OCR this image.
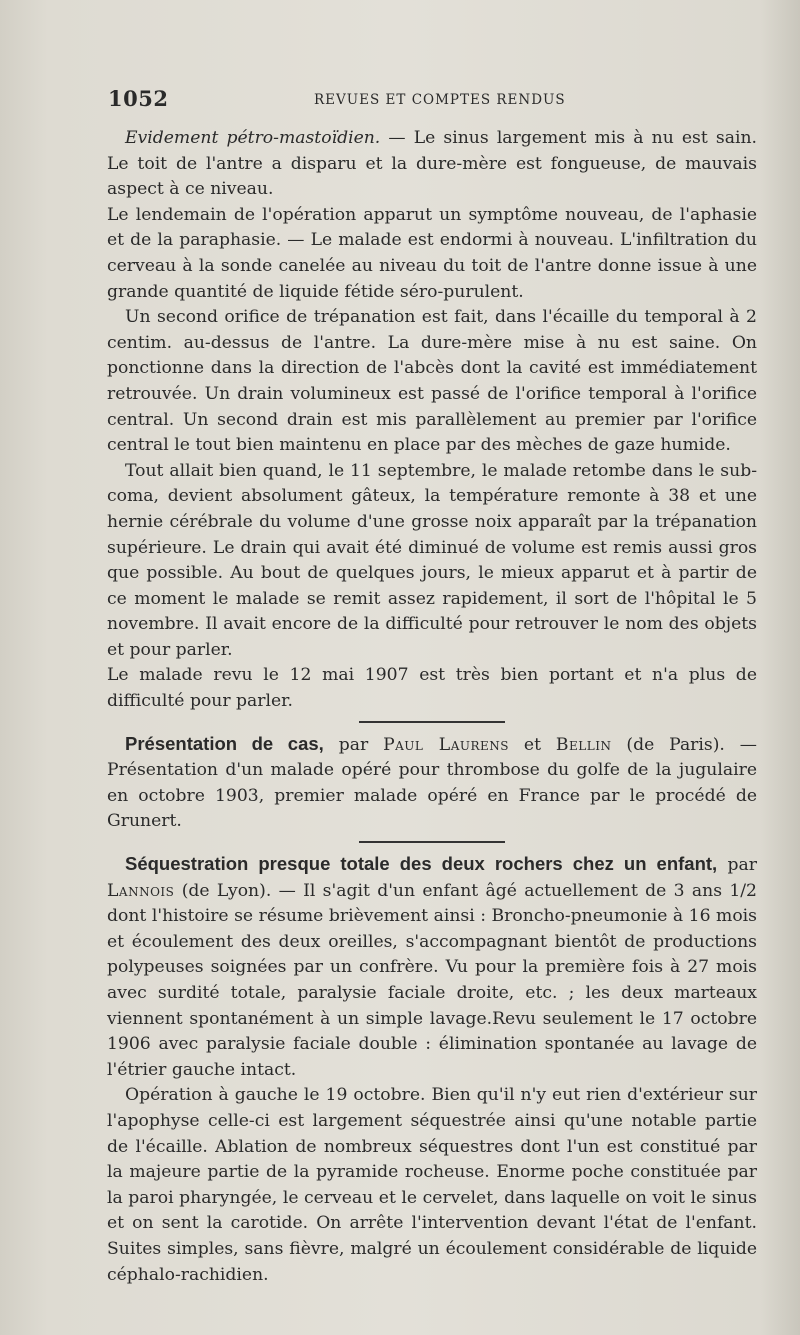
1052	REVUES ET COMPTES RENDUS

Evidement pétro-mastoïdien. — Le sinus largement mis à nu est sain. Le toit de l'antre a disparu et la dure-mère est fongueuse, de mauvais aspect à ce niveau.

Le lendemain de l'opération apparut un symptôme nouveau, de l'aphasie et de la paraphasie. — Le malade est endormi à nouveau. L'infiltration du cerveau à la sonde canelée au niveau du toit de l'antre donne issue à une grande quantité de liquide fétide séro-purulent.

Un second orifice de trépanation est fait, dans l'écaille du temporal à 2 centim. au-dessus de l'antre. La dure-mère mise à nu est saine. On ponctionne dans la direction de l'abcès dont la cavité est immédiatement retrouvée. Un drain volumineux est passé de l'orifice temporal à l'orifice central. Un second drain est mis parallèlement au premier par l'orifice central le tout bien maintenu en place par des mèches de gaze humide.

Tout allait bien quand, le 11 septembre, le malade retombe dans le sub-coma, devient absolument gâteux, la température remonte à 38 et une hernie cérébrale du volume d'une grosse noix apparaît par la trépanation supérieure. Le drain qui avait été diminué de volume est remis aussi gros que possible. Au bout de quelques jours, le mieux apparut et à partir de ce moment le malade se remit assez rapidement, il sort de l'hôpital le 5 novembre. Il avait encore de la difficulté pour retrouver le nom des objets et pour parler.

Le malade revu le 12 mai 1907 est très bien portant et n'a plus de difficulté pour parler.

Présentation de cas, par Paul Laurens et Bellin (de Paris). — Présentation d'un malade opéré pour thrombose du golfe de la jugulaire en octobre 1903, premier malade opéré en France par le procédé de Grunert.

Séquestration presque totale des deux rochers chez un enfant, par Lannois (de Lyon). — Il s'agit d'un enfant âgé actuellement de 3 ans 1/2 dont l'histoire se résume brièvement ainsi : Broncho-pneumonie à 16 mois et écoulement des deux oreilles, s'accompagnant bientôt de productions polypeuses soignées par un confrère. Vu pour la première fois à 27 mois avec surdité totale, paralysie faciale droite, etc. ; les deux marteaux viennent spontanément à un simple lavage.Revu seulement le 17 octobre 1906 avec paralysie faciale double : élimination spontanée au lavage de l'étrier gauche intact.

Opération à gauche le 19 octobre. Bien qu'il n'y eut rien d'extérieur sur l'apophyse celle-ci est largement séquestrée ainsi qu'une notable partie de l'écaille. Ablation de nombreux séquestres dont l'un est constitué par la majeure partie de la pyramide rocheuse. Enorme poche constituée par la paroi pharyngée, le cerveau et le cervelet, dans laquelle on voit le sinus et on sent la carotide. On arrête l'intervention devant l'état de l'enfant. Suites simples, sans fièvre, malgré un écoulement considérable de liquide céphalo-rachidien.
